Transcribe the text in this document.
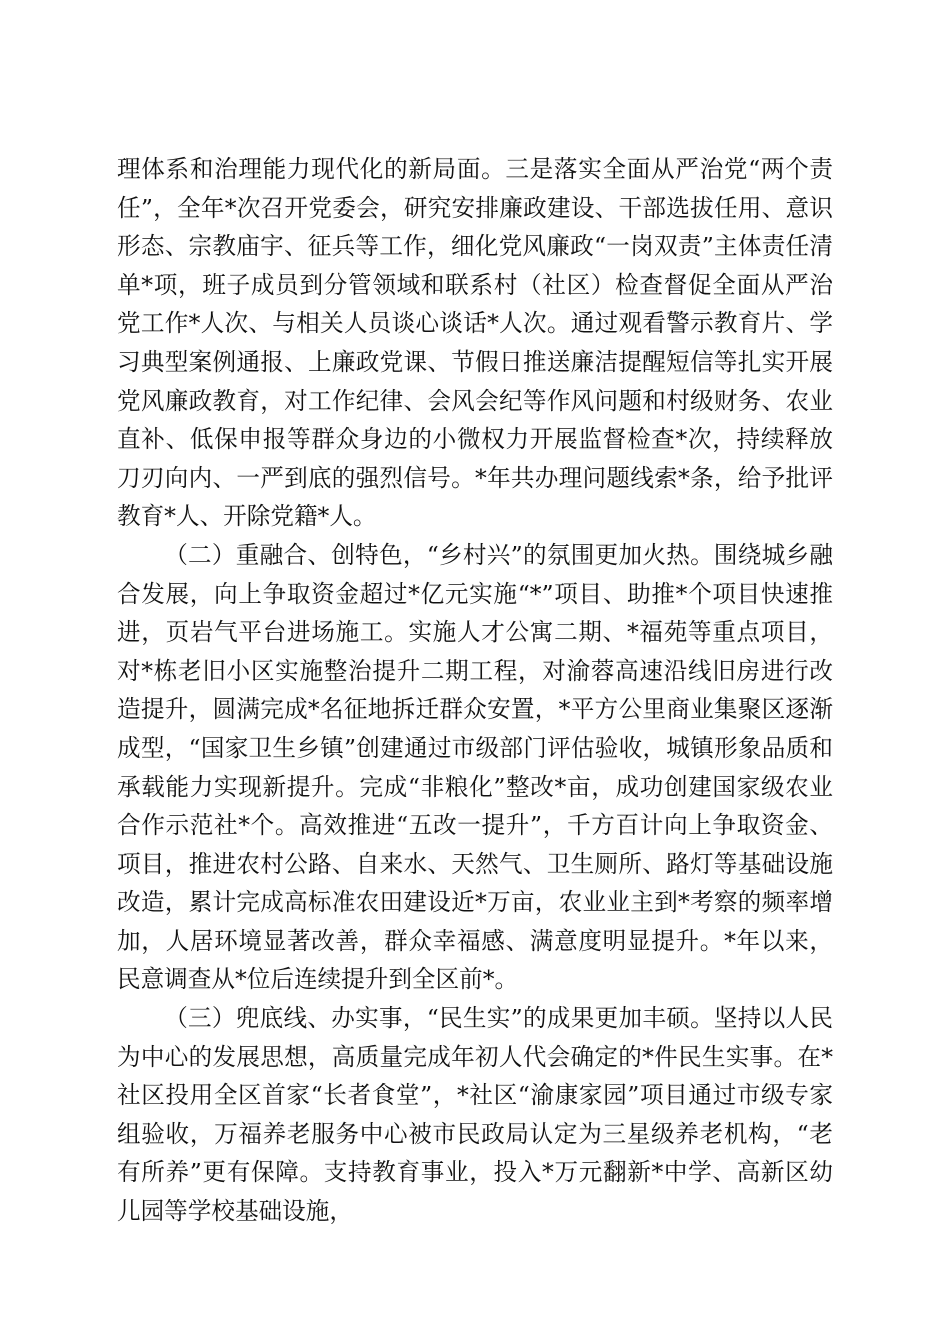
理体系和治理能力现代化的新局面。三是落实全面从严治党“两个责任”，全年*次召开党委会，研究安排廉政建设、干部选拔任用、意识形态、宗教庙宇、征兵等工作，细化党风廉政“一岗双责”主体责任清单*项，班子成员到分管领域和联系村（社区）检查督促全面从严治党工作*人次、与相关人员谈心谈话*人次。通过观看警示教育片、学习典型案例通报、上廉政党课、节假日推送廉洁提醒短信等扎实开展党风廉政教育，对工作纪律、会风会纪等作风问题和村级财务、农业直补、低保申报等群众身边的小微权力开展监督检查*次，持续释放刀刃向内、一严到底的强烈信号。*年共办理问题线索*条，给予批评教育*人、开除党籍*人。

（二）重融合、创特色，“乡村兴”的氛围更加火热。围绕城乡融合发展，向上争取资金超过*亿元实施“*”项目、助推*个项目快速推进，页岩气平台进场施工。实施人才公寓二期、*福苑等重点项目，对*栋老旧小区实施整治提升二期工程，对渝蓉高速沿线旧房进行改造提升，圆满完成*名征地拆迁群众安置，*平方公里商业集聚区逐渐成型，“国家卫生乡镇”创建通过市级部门评估验收，城镇形象品质和承载能力实现新提升。完成“非粮化”整改*亩，成功创建国家级农业合作示范社*个。高效推进“五改一提升”，千方百计向上争取资金、项目，推进农村公路、自来水、天然气、卫生厕所、路灯等基础设施改造，累计完成高标准农田建设近*万亩，农业业主到*考察的频率增加，人居环境显著改善，群众幸福感、满意度明显提升。*年以来，民意调查从*位后连续提升到全区前*。

（三）兜底线、办实事，“民生实”的成果更加丰硕。坚持以人民为中心的发展思想，高质量完成年初人代会确定的*件民生实事。在*社区投用全区首家“长者食堂”，*社区“渝康家园”项目通过市级专家组验收，万福养老服务中心被市民政局认定为三星级养老机构，“老有所养”更有保障。支持教育事业，投入*万元翻新*中学、高新区幼儿园等学校基础设施，
